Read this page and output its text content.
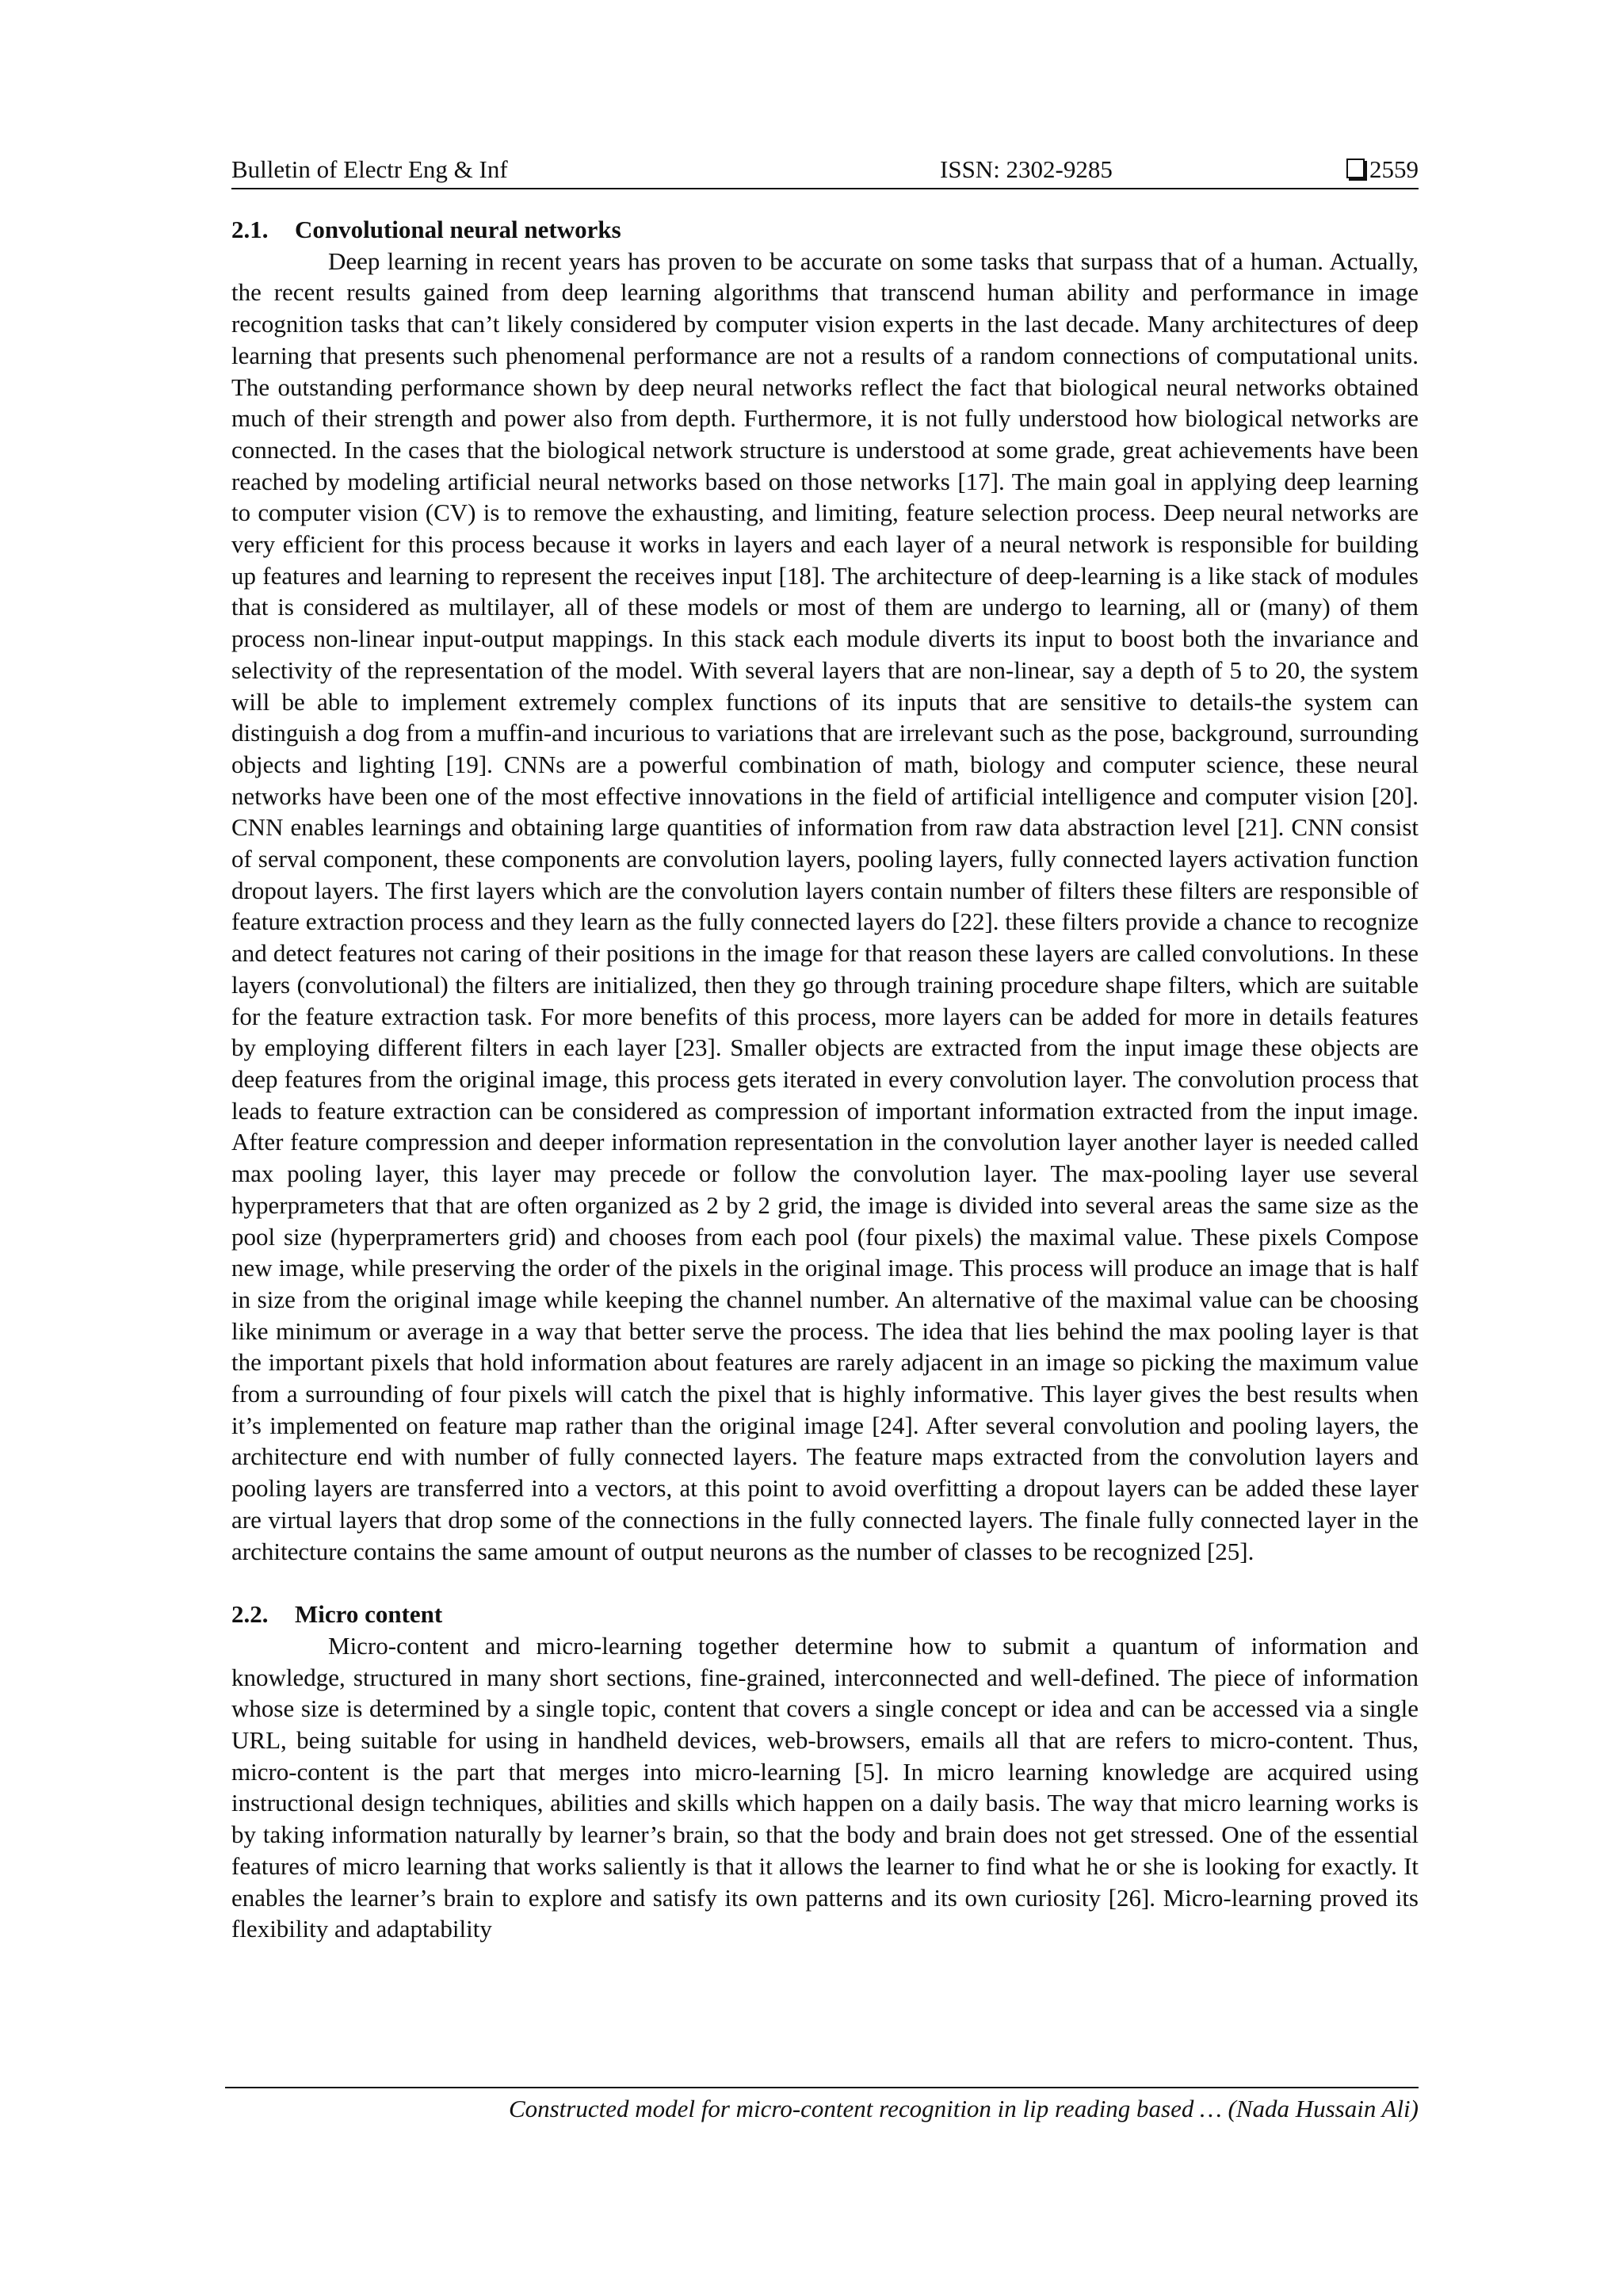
Bulletin of Electr Eng & Inf	ISSN: 2302-9285	2559
2.1. Convolutional neural networks

Deep learning in recent years has proven to be accurate on some tasks that surpass that of a human. Actually, the recent results gained from deep learning algorithms that transcend human ability and performance in image recognition tasks that can’t likely considered by computer vision experts in the last decade. Many architectures of deep learning that presents such phenomenal performance are not a results of a random connections of computational units. The outstanding performance shown by deep neural networks reflect the fact that biological neural networks obtained much of their strength and power also from depth. Furthermore, it is not fully understood how biological networks are connected. In the cases that the biological network structure is understood at some grade, great achievements have been reached by modeling artificial neural networks based on those networks [17]. The main goal in applying deep learning to computer vision (CV) is to remove the exhausting, and limiting, feature selection process. Deep neural networks are very efficient for this process because it works in layers and each layer of a neural network is responsible for building up features and learning to represent the receives input [18]. The architecture of deep-learning is a like stack of modules that is considered as multilayer, all of these models or most of them are undergo to learning, all or (many) of them process non-linear input-output mappings. In this stack each module diverts its input to boost both the invariance and selectivity of the representation of the model. With several layers that are non-linear, say a depth of 5 to 20, the system will be able to implement extremely complex functions of its inputs that are sensitive to details-the system can distinguish a dog from a muffin-and incurious to variations that are irrelevant such as the pose, background, surrounding objects and lighting [19]. CNNs are a powerful combination of math, biology and computer science, these neural networks have been one of the most effective innovations in the field of artificial intelligence and computer vision [20]. CNN enables learnings and obtaining large quantities of information from raw data abstraction level [21]. CNN consist of serval component, these components are convolution layers, pooling layers, fully connected layers activation function dropout layers. The first layers which are the convolution layers contain number of filters these filters are responsible of feature extraction process and they learn as the fully connected layers do [22]. these filters provide a chance to recognize and detect features not caring of their positions in the image for that reason these layers are called convolutions. In these layers (convolutional) the filters are initialized, then they go through training procedure shape filters, which are suitable for the feature extraction task. For more benefits of this process, more layers can be added for more in details features by employing different filters in each layer [23]. Smaller objects are extracted from the input image these objects are deep features from the original image, this process gets iterated in every convolution layer. The convolution process that leads to feature extraction can be considered as compression of important information extracted from the input image. After feature compression and deeper information representation in the convolution layer another layer is needed called max pooling layer, this layer may precede or follow the convolution layer. The max-pooling layer use several hyperprameters that that are often organized as 2 by 2 grid, the image is divided into several areas the same size as the pool size (hyperpramerters grid) and chooses from each pool (four pixels) the maximal value. These pixels Compose new image, while preserving the order of the pixels in the original image. This process will produce an image that is half in size from the original image while keeping the channel number. An alternative of the maximal value can be choosing like minimum or average in a way that better serve the process. The idea that lies behind the max pooling layer is that the important pixels that hold information about features are rarely adjacent in an image so picking the maximum value from a surrounding of four pixels will catch the pixel that is highly informative. This layer gives the best results when it’s implemented on feature map rather than the original image [24]. After several convolution and pooling layers, the architecture end with number of fully connected layers. The feature maps extracted from the convolution layers and pooling layers are transferred into a vectors, at this point to avoid overfitting a dropout layers can be added these layer are virtual layers that drop some of the connections in the fully connected layers. The finale fully connected layer in the architecture contains the same amount of output neurons as the number of classes to be recognized [25].

2.2. Micro content

Micro-content and micro-learning together determine how to submit a quantum of information and knowledge, structured in many short sections, fine-grained, interconnected and well-defined. The piece of information whose size is determined by a single topic, content that covers a single concept or idea and can be accessed via a single URL, being suitable for using in handheld devices, web-browsers, emails all that are refers to micro-content. Thus, micro-content is the part that merges into micro-learning [5]. In micro learning knowledge are acquired using instructional design techniques, abilities and skills which happen on a daily basis. The way that micro learning works is by taking information naturally by learner’s brain, so that the body and brain does not get stressed. One of the essential features of micro learning that works saliently is that it allows the learner to find what he or she is looking for exactly. It enables the learner’s brain to explore and satisfy its own patterns and its own curiosity [26]. Micro-learning proved its flexibility and adaptability

Constructed model for micro-content recognition in lip reading based … (Nada Hussain Ali)
